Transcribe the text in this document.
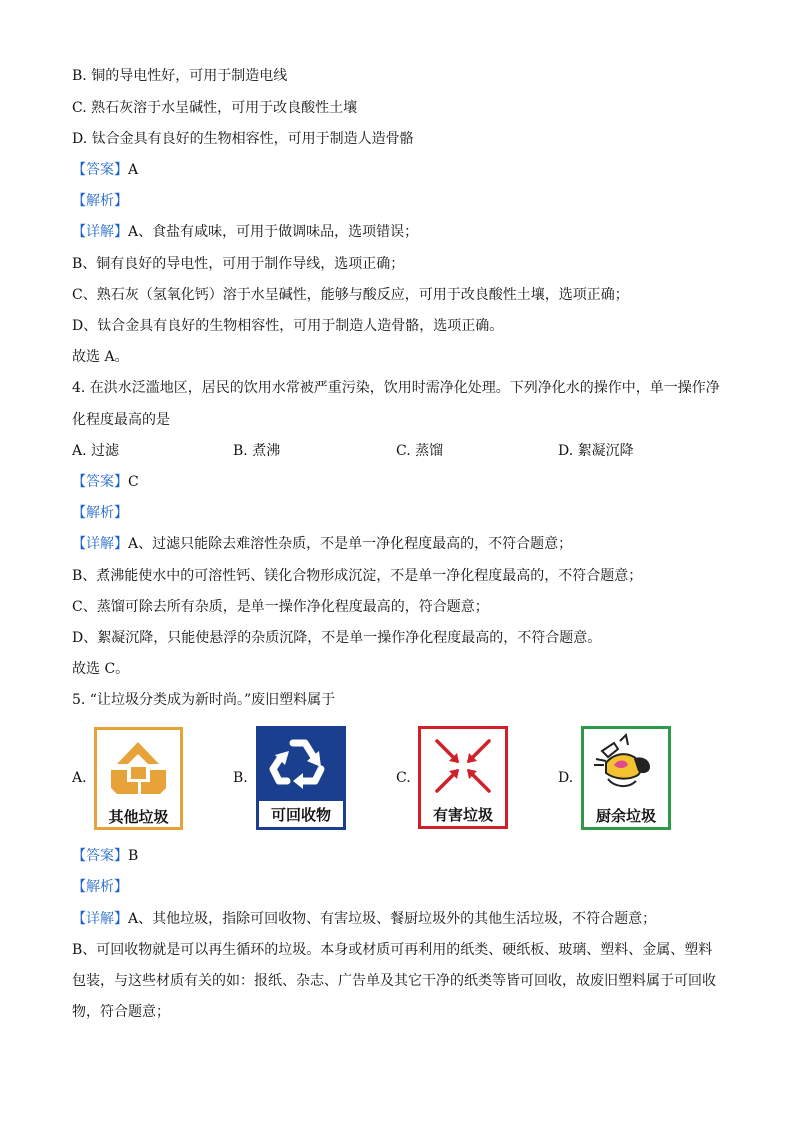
B. 铜的导电性好，可用于制造电线
C. 熟石灰溶于水呈碱性，可用于改良酸性土壤
D. 钛合金具有良好的生物相容性，可用于制造人造骨骼
【答案】A
【解析】
【详解】A、食盐有咸味，可用于做调味品，选项错误；
B、铜有良好的导电性，可用于制作导线，选项正确；
C、熟石灰（氢氧化钙）溶于水呈碱性，能够与酸反应，可用于改良酸性土壤，选项正确；
D、钛合金具有良好的生物相容性，可用于制造人造骨骼，选项正确。
故选 A。
4. 在洪水泛滥地区，居民的饮用水常被严重污染，饮用时需净化处理。下列净化水的操作中，单一操作净
化程度最高的是
A. 过滤	B. 煮沸	C. 蒸馏	D. 絮凝沉降
【答案】C
【解析】
【详解】A、过滤只能除去难溶性杂质，不是单一净化程度最高的，不符合题意；
B、煮沸能使水中的可溶性钙、镁化合物形成沉淀，不是单一净化程度最高的，不符合题意；
C、蒸馏可除去所有杂质，是单一操作净化程度最高的，符合题意；
D、絮凝沉降，只能使悬浮的杂质沉降，不是单一操作净化程度最高的，不符合题意。
故选 C。
5. “让垃圾分类成为新时尚。”废旧塑料属于
A.
其他垃圾
B.
可回收物
C.
有害垃圾
D.
厨余垃圾
【答案】B
【解析】
【详解】A、其他垃圾，指除可回收物、有害垃圾、餐厨垃圾外的其他生活垃圾，不符合题意；
B、可回收物就是可以再生循环的垃圾。本身或材质可再利用的纸类、硬纸板、玻璃、塑料、金属、塑料
包装，与这些材质有关的如：报纸、杂志、广告单及其它干净的纸类等皆可回收，故废旧塑料属于可回收
物，符合题意；
